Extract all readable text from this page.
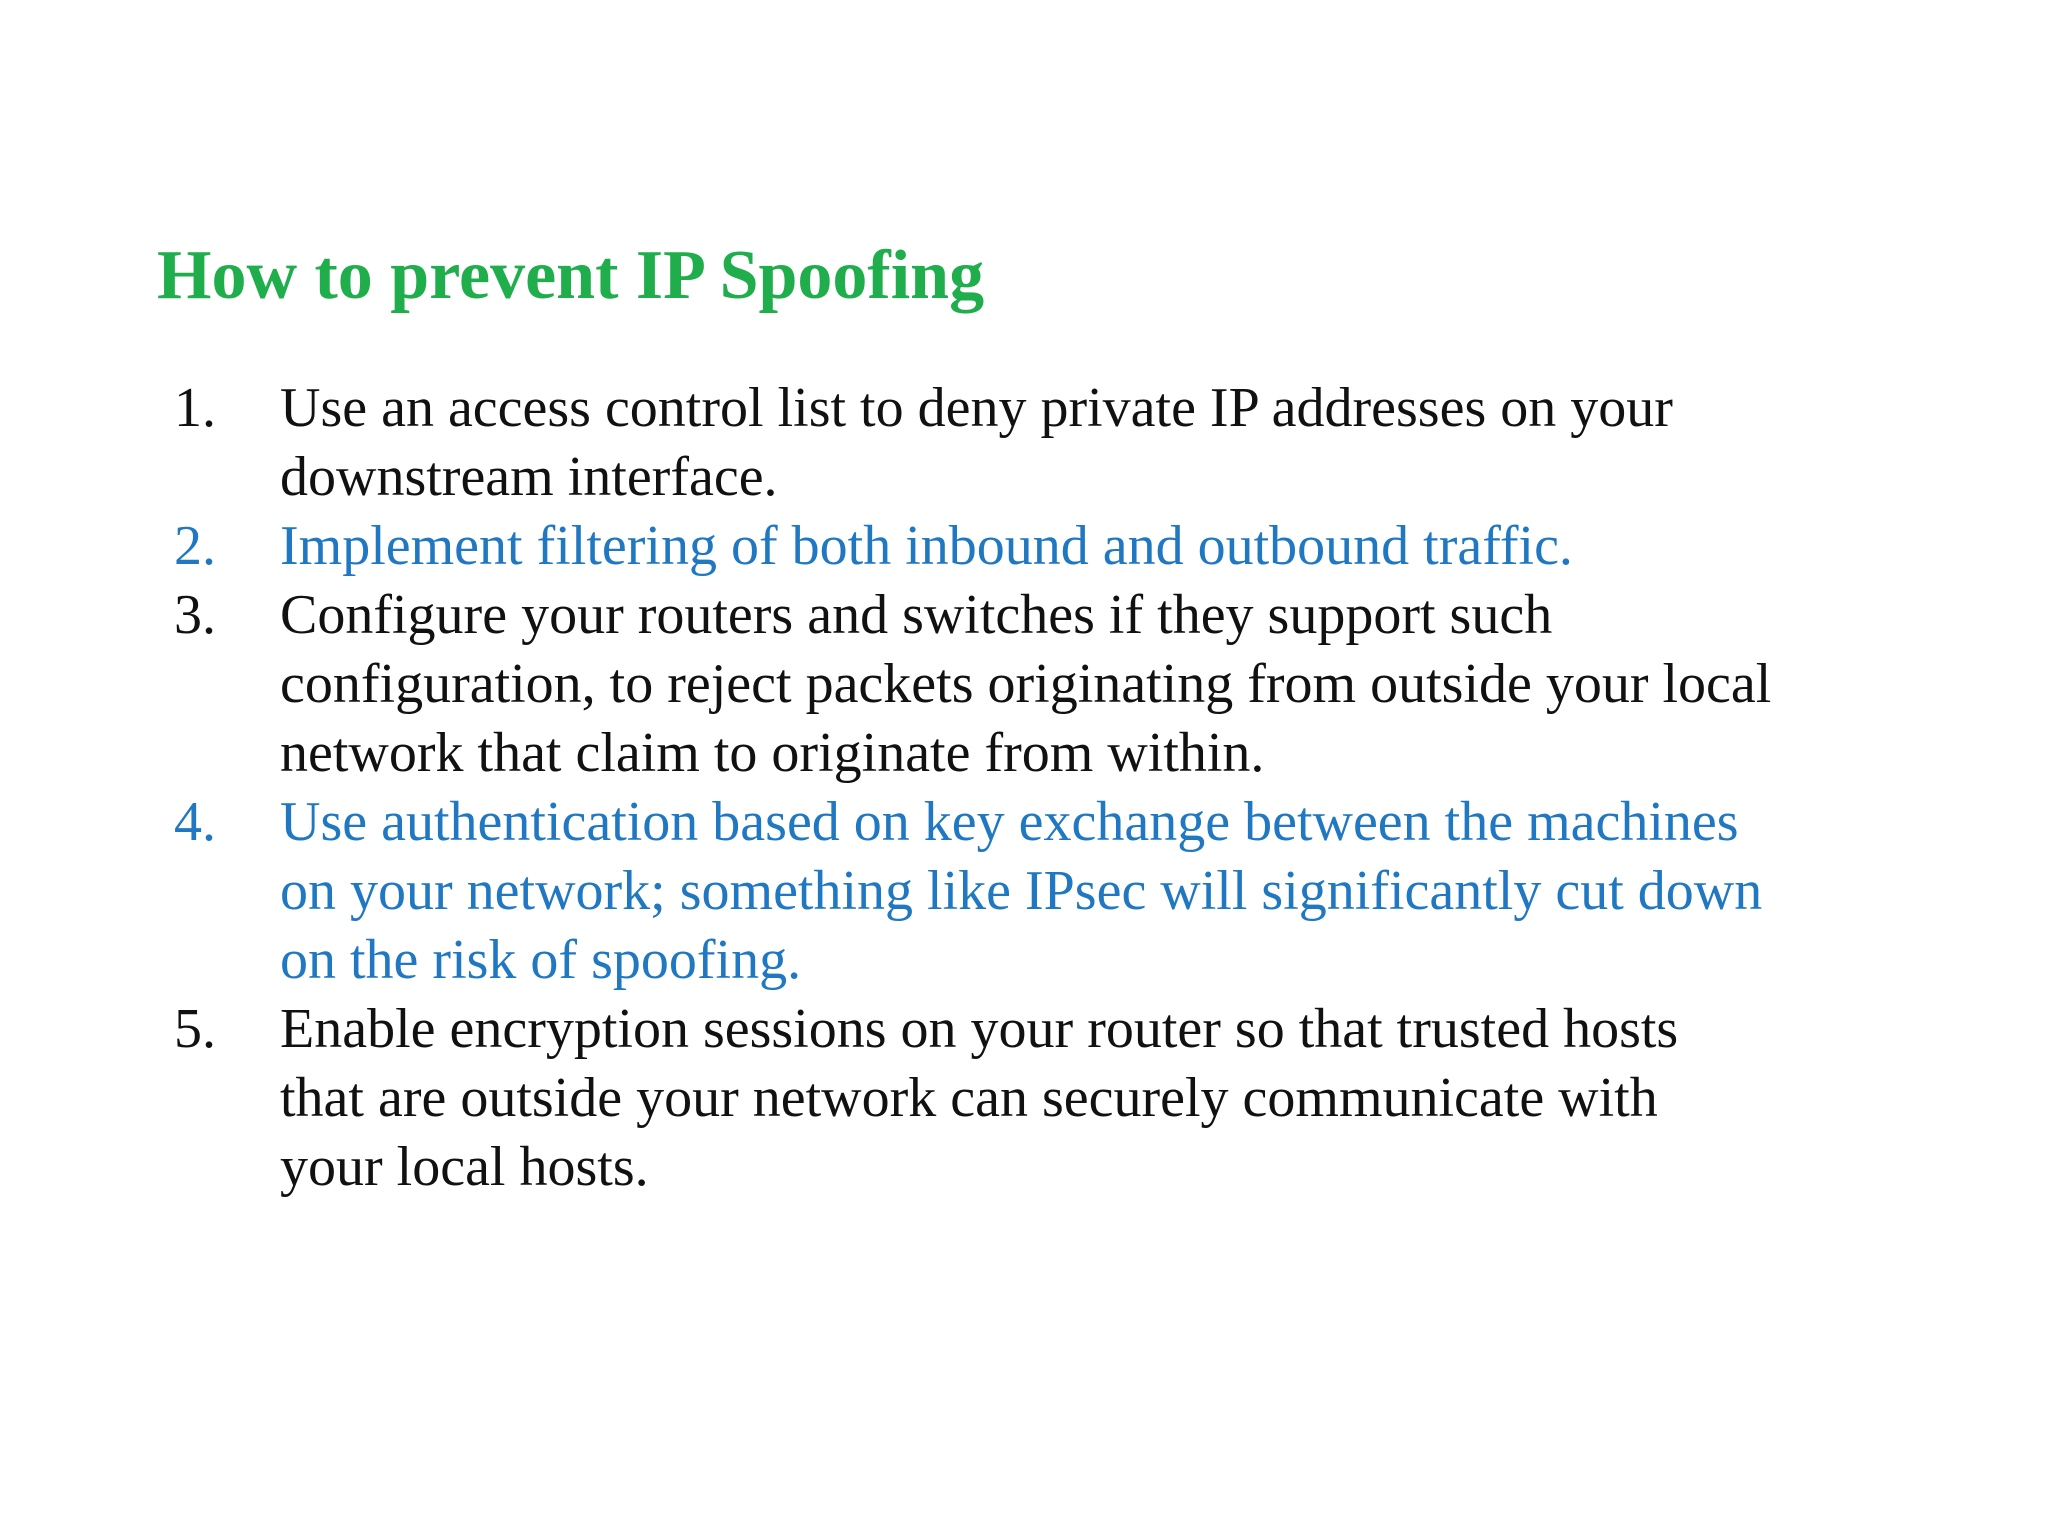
How to prevent IP Spoofing
1.	Use an access control list to deny private IP addresses on your
downstream interface.
2.	Implement filtering of both inbound and outbound traffic.
3.	Configure your routers and switches if they support such
configuration, to reject packets originating from outside your local
network that claim to originate from within.
4.	Use authentication based on key exchange between the machines
on your network; something like IPsec will significantly cut down
on the risk of spoofing.
5.	Enable encryption sessions on your router so that trusted hosts
that are outside your network can securely communicate with
your local hosts.
